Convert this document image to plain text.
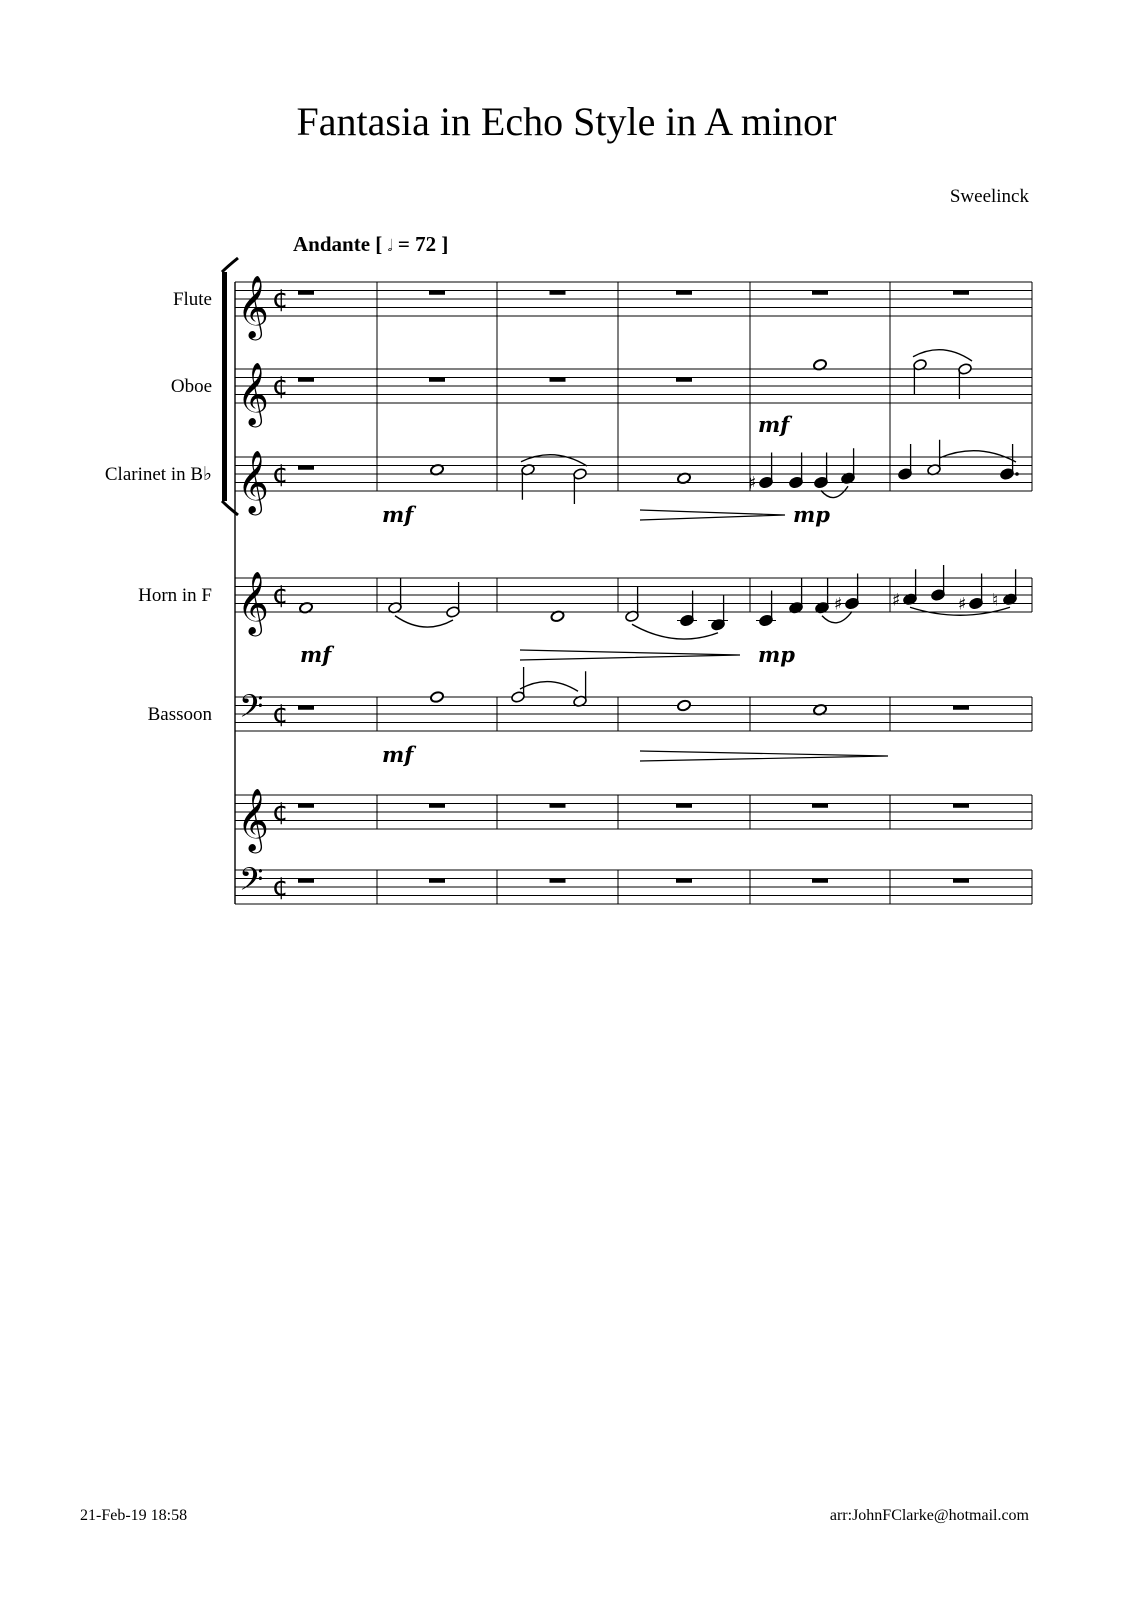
Fantasia in Echo Style in A minor
Sweelinck
Andante [ 𝅗𝅥 = 72 ]
Flute 𝄞 ¢
Oboe 𝄞 ¢
Clarinet in B♭ 𝄞 ¢
Horn in F 𝄞 ¢
Bassoon 𝄢 ¢
𝄞 ¢
𝄢 ¢
mf
mf	mp
♯
mf	mp
♯	♯	♯ ♮
mf
21-Feb-19 18:58	arr:JohnFClarke@hotmail.com
